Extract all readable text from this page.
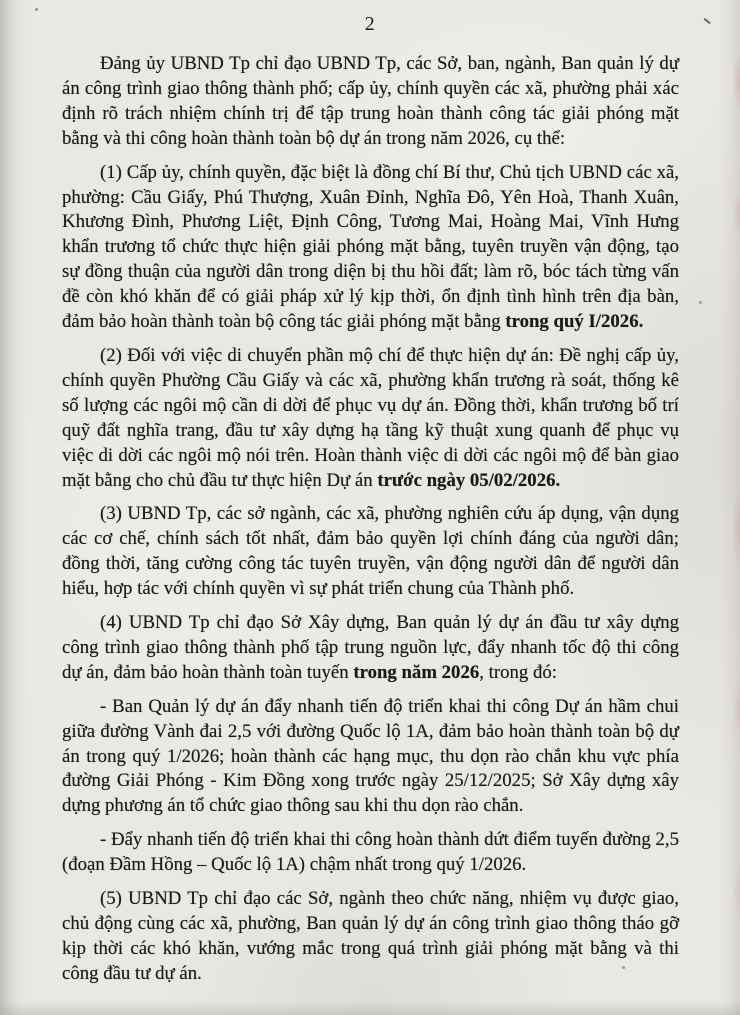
2

Đảng ủy UBND Tp chỉ đạo UBND Tp, các Sở, ban, ngành, Ban quản lý dự án công trình giao thông thành phố; cấp ủy, chính quyền các xã, phường phải xác định rõ trách nhiệm chính trị để tập trung hoàn thành công tác giải phóng mặt bằng và thi công hoàn thành toàn bộ dự án trong năm 2026, cụ thể:

(1) Cấp ủy, chính quyền, đặc biệt là đồng chí Bí thư, Chủ tịch UBND các xã, phường: Cầu Giấy, Phú Thượng, Xuân Đỉnh, Nghĩa Đô, Yên Hoà, Thanh Xuân, Khương Đình, Phương Liệt, Định Công, Tương Mai, Hoàng Mai, Vĩnh Hưng khẩn trương tổ chức thực hiện giải phóng mặt bằng, tuyên truyền vận động, tạo sự đồng thuận của người dân trong diện bị thu hồi đất; làm rõ, bóc tách từng vấn đề còn khó khăn để có giải pháp xử lý kịp thời, ổn định tình hình trên địa bàn, đảm bảo hoàn thành toàn bộ công tác giải phóng mặt bằng trong quý I/2026.

(2) Đối với việc di chuyển phần mộ chí để thực hiện dự án: Đề nghị cấp ủy, chính quyền Phường Cầu Giấy và các xã, phường khẩn trương rà soát, thống kê số lượng các ngôi mộ cần di dời để phục vụ dự án. Đồng thời, khẩn trương bố trí quỹ đất nghĩa trang, đầu tư xây dựng hạ tầng kỹ thuật xung quanh để phục vụ việc di dời các ngôi mộ nói trên. Hoàn thành việc di dời các ngôi mộ để bàn giao mặt bằng cho chủ đầu tư thực hiện Dự án trước ngày 05/02/2026.

(3) UBND Tp, các sở ngành, các xã, phường nghiên cứu áp dụng, vận dụng các cơ chế, chính sách tốt nhất, đảm bảo quyền lợi chính đáng của người dân; đồng thời, tăng cường công tác tuyên truyền, vận động người dân để người dân hiểu, hợp tác với chính quyền vì sự phát triển chung của Thành phố.

(4) UBND Tp chỉ đạo Sở Xây dựng, Ban quản lý dự án đầu tư xây dựng công trình giao thông thành phố tập trung nguồn lực, đẩy nhanh tốc độ thi công dự án, đảm bảo hoàn thành toàn tuyến trong năm 2026, trong đó:

- Ban Quản lý dự án đẩy nhanh tiến độ triển khai thi công Dự án hầm chui giữa đường Vành đai 2,5 với đường Quốc lộ 1A, đảm bảo hoàn thành toàn bộ dự án trong quý 1/2026; hoàn thành các hạng mục, thu dọn rào chắn khu vực phía đường Giải Phóng - Kim Đồng xong trước ngày 25/12/2025; Sở Xây dựng xây dựng phương án tổ chức giao thông sau khi thu dọn rào chắn.

- Đẩy nhanh tiến độ triển khai thi công hoàn thành dứt điểm tuyến đường 2,5 (đoạn Đầm Hồng – Quốc lộ 1A) chậm nhất trong quý 1/2026.

(5) UBND Tp chỉ đạo các Sở, ngành theo chức năng, nhiệm vụ được giao, chủ động cùng các xã, phường, Ban quản lý dự án công trình giao thông tháo gỡ kịp thời các khó khăn, vướng mắc trong quá trình giải phóng mặt bằng và thi công đầu tư dự án.
